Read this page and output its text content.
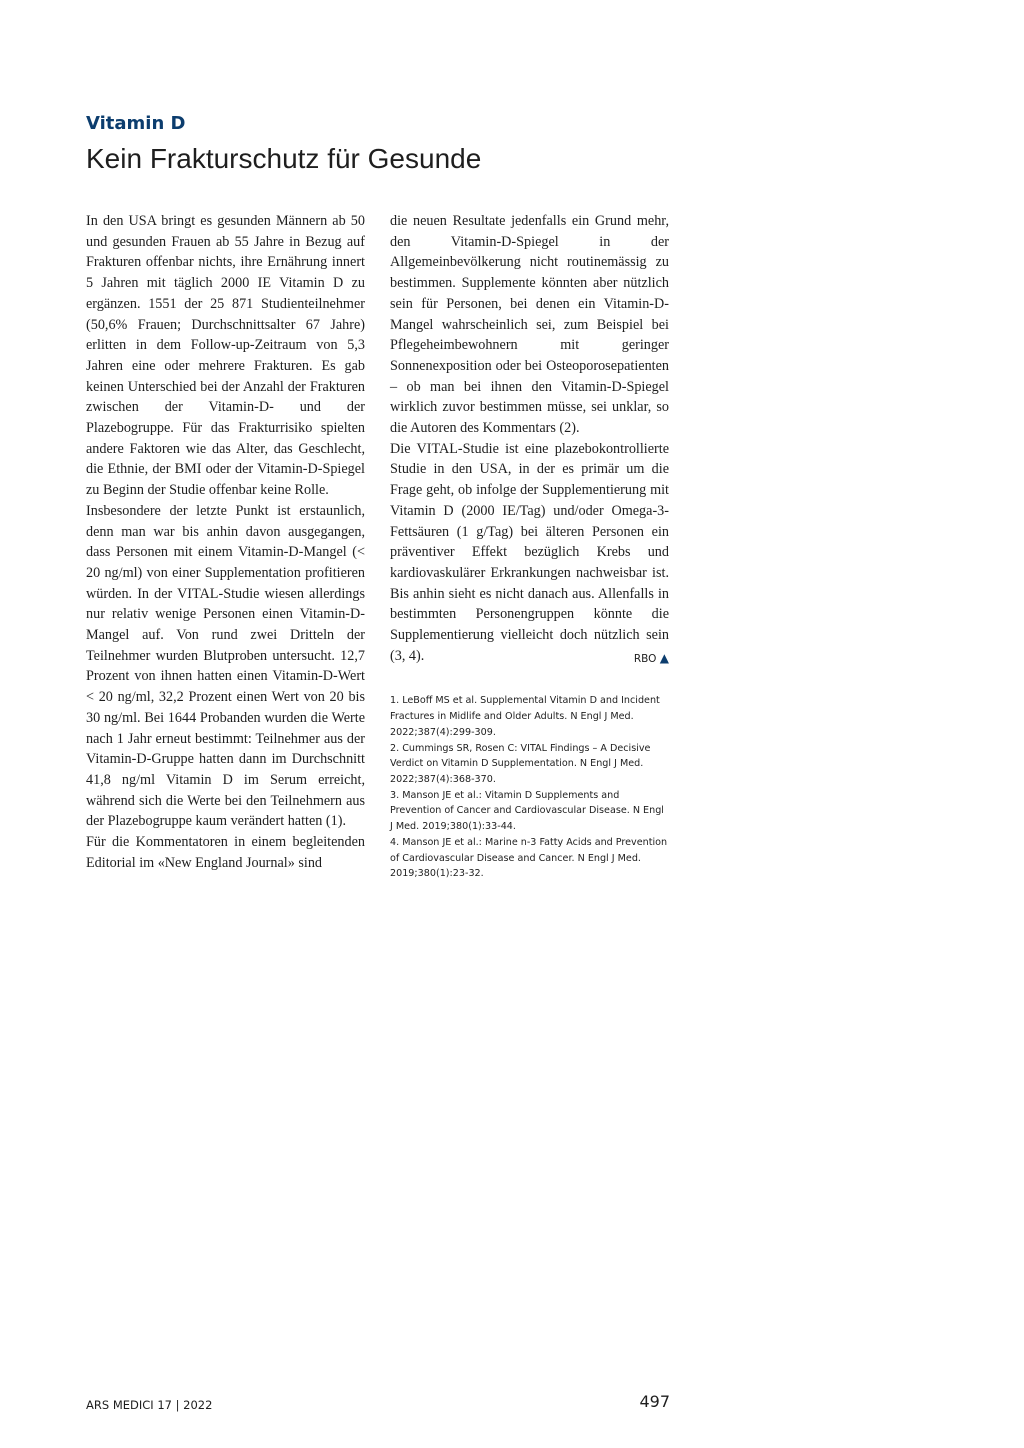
Vitamin D
Kein Frakturschutz für Gesunde

In den USA bringt es gesunden Männern ab 50 und gesunden Frauen ab 55 Jahre in Bezug auf Frakturen offenbar nichts, ihre Ernährung innert 5 Jahren mit täglich 2000 IE Vitamin D zu ergänzen. 1551 der 25 871 Studienteilnehmer (50,6% Frauen; Durchschnittsalter 67 Jahre) erlitten in dem Follow-up-Zeitraum von 5,3 Jahren eine oder mehrere Frakturen. Es gab keinen Unterschied bei der Anzahl der Frakturen zwischen der Vitamin-D- und der Plazebogruppe. Für das Frakturrisiko spielten andere Faktoren wie das Alter, das Geschlecht, die Ethnie, der BMI oder der Vitamin-D-Spiegel zu Beginn der Studie offenbar keine Rolle.

Insbesondere der letzte Punkt ist erstaunlich, denn man war bis anhin davon ausgegangen, dass Personen mit einem Vitamin-D-Mangel (< 20 ng/ml) von einer Supplementation profitieren würden. In der VITAL-Studie wiesen allerdings nur relativ wenige Personen einen Vitamin-D-Mangel auf. Von rund zwei Dritteln der Teilnehmer wurden Blutproben untersucht. 12,7 Prozent von ihnen hatten einen Vitamin-D-Wert < 20 ng/ml, 32,2 Prozent einen Wert von 20 bis 30 ng/ml. Bei 1644 Probanden wurden die Werte nach 1 Jahr erneut bestimmt: Teilnehmer aus der Vitamin-D-Gruppe hatten dann im Durchschnitt 41,8 ng/ml Vitamin D im Serum erreicht, während sich die Werte bei den Teilnehmern aus der Plazebogruppe kaum verändert hatten (1).

Für die Kommentatoren in einem begleitenden Editorial im «New England Journal» sind

die neuen Resultate jedenfalls ein Grund mehr, den Vitamin-D-Spiegel in der Allgemeinbevölkerung nicht routinemässig zu bestimmen. Supplemente könnten aber nützlich sein für Personen, bei denen ein Vitamin-D-Mangel wahrscheinlich sei, zum Beispiel bei Pflegeheimbewohnern mit geringer Sonnenexposition oder bei Osteoporosepatienten – ob man bei ihnen den Vitamin-D-Spiegel wirklich zuvor bestimmen müsse, sei unklar, so die Autoren des Kommentars (2).

Die VITAL-Studie ist eine plazebokontrollierte Studie in den USA, in der es primär um die Frage geht, ob infolge der Supplementierung mit Vitamin D (2000 IE/Tag) und/oder Omega-3-Fettsäuren (1 g/Tag) bei älteren Personen ein präventiver Effekt bezüglich Krebs und kardiovaskulärer Erkrankungen nachweisbar ist. Bis anhin sieht es nicht danach aus. Allenfalls in bestimmten Personengruppen könnte die Supplementierung vielleicht doch nützlich sein (3, 4).	RBO ▲

1. LeBoff MS et al. Supplemental Vitamin D and Incident Fractures in Midlife and Older Adults. N Engl J Med. 2022;387(4):299-309.
2. Cummings SR, Rosen C: VITAL Findings – A Decisive Verdict on Vitamin D Supplementation. N Engl J Med. 2022;387(4):368-370.
3. Manson JE et al.: Vitamin D Supplements and Prevention of Cancer and Cardiovascular Disease. N Engl J Med. 2019;380(1):33-44.
4. Manson JE et al.: Marine n-3 Fatty Acids and Prevention of Cardiovascular Disease and Cancer. N Engl J Med. 2019;380(1):23-32.
ARS MEDICI 17 | 2022	497
